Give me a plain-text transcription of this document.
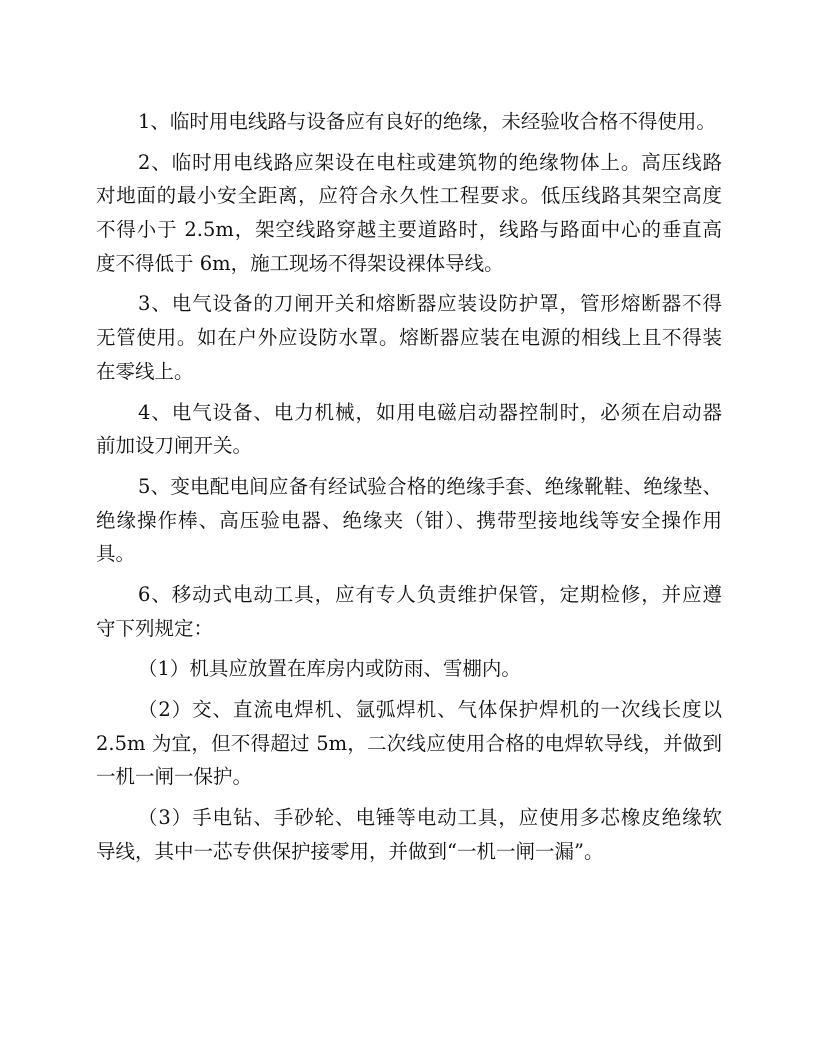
1、临时用电线路与设备应有良好的绝缘，未经验收合格不得使用。
2、临时用电线路应架设在电柱或建筑物的绝缘物体上。高压线路
对地面的最小安全距离，应符合永久性工程要求。低压线路其架空高度
不得小于 2.5m，架空线路穿越主要道路时，线路与路面中心的垂直高
度不得低于 6m，施工现场不得架设裸体导线。
3、电气设备的刀闸开关和熔断器应装设防护罩，管形熔断器不得
无管使用。如在户外应设防水罩。熔断器应装在电源的相线上且不得装
在零线上。
4、电气设备、电力机械，如用电磁启动器控制时，必须在启动器
前加设刀闸开关。
5、变电配电间应备有经试验合格的绝缘手套、绝缘靴鞋、绝缘垫、
绝缘操作棒、高压验电器、绝缘夹（钳）、携带型接地线等安全操作用
具。
6、移动式电动工具，应有专人负责维护保管，定期检修，并应遵
守下列规定：
（1）机具应放置在库房内或防雨、雪棚内。
（2）交、直流电焊机、氩弧焊机、气体保护焊机的一次线长度以
2.5m 为宜，但不得超过 5m，二次线应使用合格的电焊软导线，并做到
一机一闸一保护。
（3）手电钻、手砂轮、电锤等电动工具，应使用多芯橡皮绝缘软
导线，其中一芯专供保护接零用，并做到“一机一闸一漏”。
